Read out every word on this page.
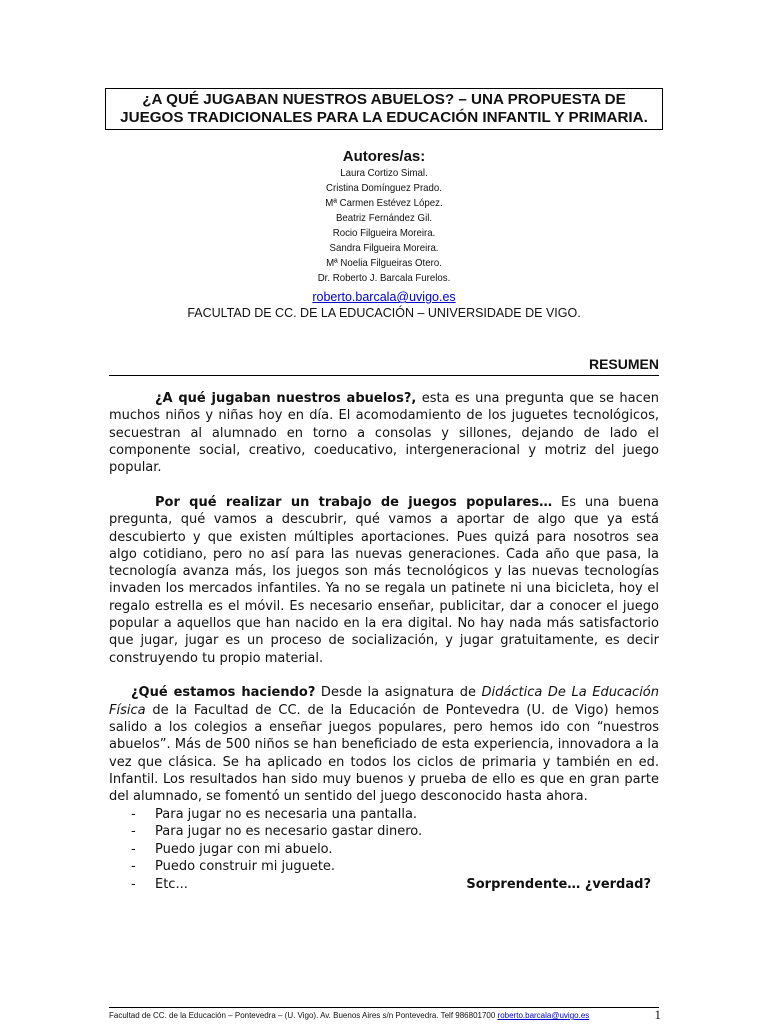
¿A QUÉ JUGABAN NUESTROS ABUELOS? – UNA PROPUESTA DE
JUEGOS TRADICIONALES PARA LA EDUCACIÓN INFANTIL Y PRIMARIA.
Autores/as:
Laura Cortizo Simal.
Cristina Domínguez Prado.
Mª Carmen Estévez López.
Beatriz Fernández Gil.
Rocio Filgueira Moreira.
Sandra Filgueira Moreira.
Mª Noelia Filgueiras Otero.
Dr. Roberto J. Barcala Furelos.
roberto.barcala@uvigo.es
FACULTAD DE CC. DE LA EDUCACIÓN – UNIVERSIDADE DE VIGO.
RESUMEN

¿A qué jugaban nuestros abuelos?, esta es una pregunta que se hacen muchos niños y niñas hoy en día. El acomodamiento de los juguetes tecnológicos, secuestran al alumnado en torno a consolas y sillones, dejando de lado el componente social, creativo, coeducativo, intergeneracional y motriz del juego popular.

Por qué realizar un trabajo de juegos populares… Es una buena pregunta, qué vamos a descubrir, qué vamos a aportar de algo que ya está descubierto y que existen múltiples aportaciones. Pues quizá para nosotros sea algo cotidiano, pero no así para las nuevas generaciones. Cada año que pasa, la tecnología avanza más, los juegos son más tecnológicos y las nuevas tecnologías invaden los mercados infantiles. Ya no se regala un patinete ni una bicicleta, hoy el regalo estrella es el móvil. Es necesario enseñar, publicitar, dar a conocer el juego popular a aquellos que han nacido en la era digital. No hay nada más satisfactorio que jugar, jugar es un proceso de socialización, y jugar gratuitamente, es decir construyendo tu propio material.

¿Qué estamos haciendo? Desde la asignatura de Didáctica De La Educación Física de la Facultad de CC. de la Educación de Pontevedra (U. de Vigo) hemos salido a los colegios a enseñar juegos populares, pero hemos ido con “nuestros abuelos”. Más de 500 niños se han beneficiado de esta experiencia, innovadora a la vez que clásica. Se ha aplicado en todos los ciclos de primaria y también en ed. Infantil. Los resultados han sido muy buenos y prueba de ello es que en gran parte del alumnado, se fomentó un sentido del juego desconocido hasta ahora.

- Para jugar no es necesaria una pantalla.
- Para jugar no es necesario gastar dinero.
- Puedo jugar con mi abuelo.
- Puedo construir mi juguete.
- Etc...	Sorprendente… ¿verdad?
Facultad de CC. de la Educación – Pontevedra – (U. Vigo). Av. Buenos Aires s/n Pontevedra. Telf 986801700 roberto.barcala@uvigo.es	1
